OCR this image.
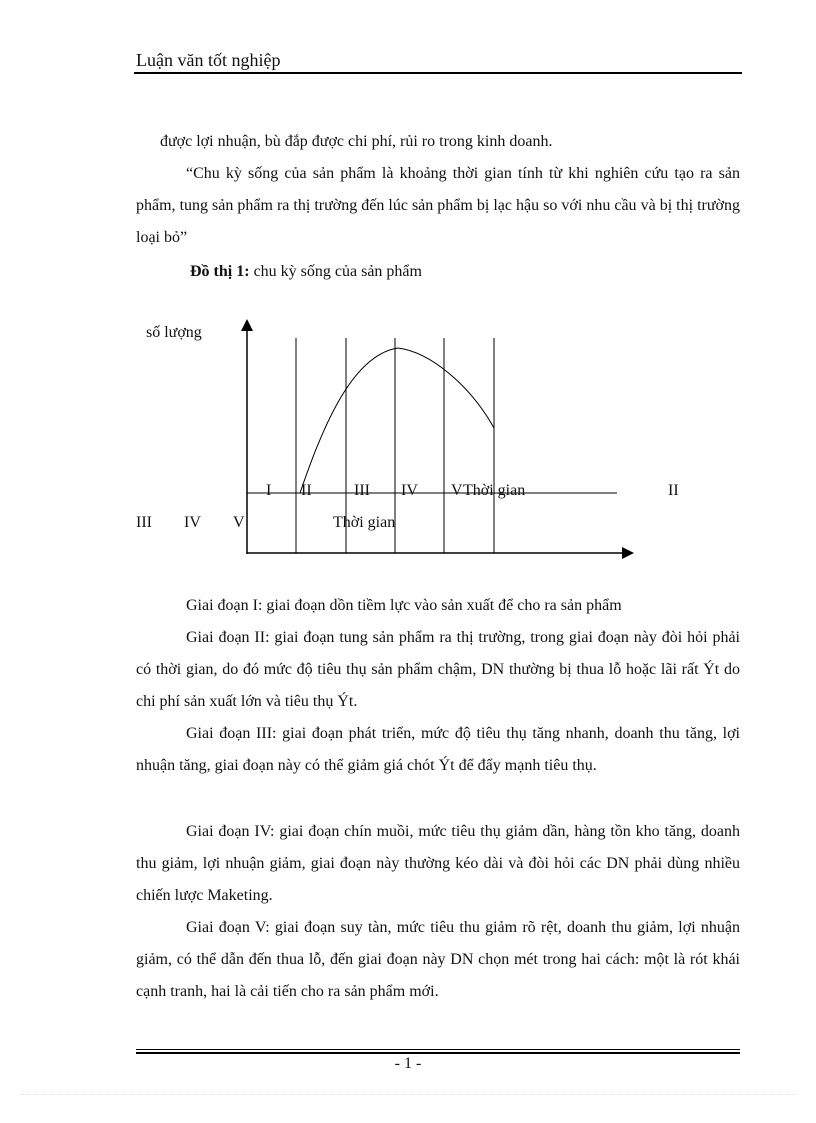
Luận văn tốt nghiệp

được lợi nhuận, bù đắp được chi phí, rủi ro trong kinh doanh.

“Chu kỳ sống của sản phẩm là khoảng thời gian tính từ khi nghiên cứu tạo ra sản phẩm, tung sản phẩm ra thị trường đến lúc sản phẩm bị lạc hậu so với nhu cầu và bị thị trường loại bỏ”

Đồ thị 1: chu kỳ sống của sản phẩm

số lượng
I II	III IV V Thời gian	II
III IV V	Thời gian

Giai đoạn I: giai đoạn dồn tiềm lực vào sản xuất để cho ra sản phẩm

Giai đoạn II: giai đoạn tung sản phẩm ra thị trường, trong giai đoạn này đòi hỏi phải có thời gian, do đó mức độ tiêu thụ sản phẩm chậm, DN thường bị thua lỗ hoặc lãi rất Ýt do chi phí sản xuất lớn và tiêu thụ Ýt.

Giai đoạn III: giai đoạn phát triển, mức độ tiêu thụ tăng nhanh, doanh thu tăng, lợi nhuận tăng, giai đoạn này có thể giảm giá chót Ýt để đẩy mạnh tiêu thụ.

Giai đoạn IV: giai đoạn chín muồi, mức tiêu thụ giảm dần, hàng tồn kho tăng, doanh thu giảm, lợi nhuận giảm, giai đoạn này thường kéo dài và đòi hỏi các DN phải dùng nhiều chiến lược Maketing.

Giai đoạn V: giai đoạn suy tàn, mức tiêu thu giảm rõ rệt, doanh thu giảm, lợi nhuận giảm, có thể dẫn đến thua lỗ, đến giai đoạn này DN chọn mét trong hai cách: một là rót khái cạnh tranh, hai là cải tiến cho ra sản phẩm mới.

- 1 -
